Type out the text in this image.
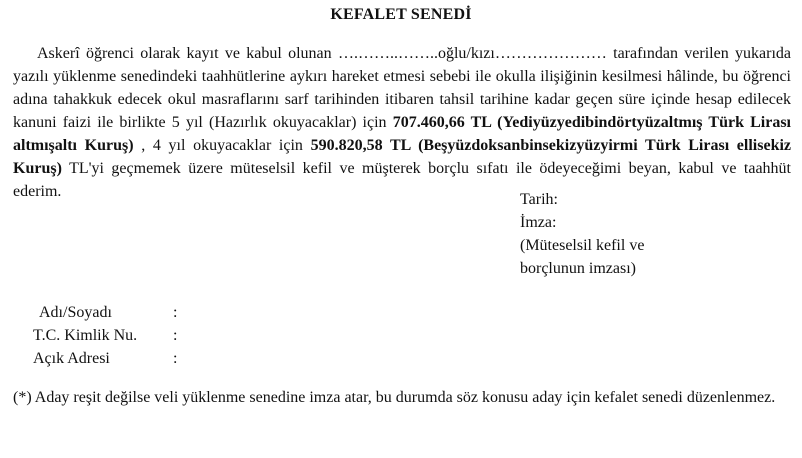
KEFALET SENEDİ
Askerî öğrenci olarak kayıt ve kabul olunan ….……..……..oğlu/kızı………………… tarafından verilen yukarıda yazılı yüklenme senedindeki taahhütlerine aykırı hareket etmesi sebebi ile okulla ilişiğinin kesilmesi hâlinde, bu öğrenci adına tahakkuk edecek okul masraflarını sarf tarihinden itibaren tahsil tarihine kadar geçen süre içinde hesap edilecek kanuni faizi ile birlikte 5 yıl (Hazırlık okuyacaklar) için 707.460,66 TL (Yediyüzyedibindörtyüzaltmış Türk Lirası altmışaltı Kuruş) , 4 yıl okuyacaklar için 590.820,58 TL (Beşyüzdoksanbinsekizyüzyirmi Türk Lirası ellisekiz Kuruş) TL'yi geçmemek üzere müteselsil kefil ve müşterek borçlu sıfatı ile ödeyeceğimi beyan, kabul ve taahhüt ederim.	Tarih:
İmza:
(Müteselsil kefil ve
borçlunun imzası)
Adı/Soyadı	:
T.C. Kimlik Nu.	:
Açık Adresi	:
(*) Aday reşit değilse veli yüklenme senedine imza atar, bu durumda söz konusu aday için kefalet senedi düzenlenmez.
